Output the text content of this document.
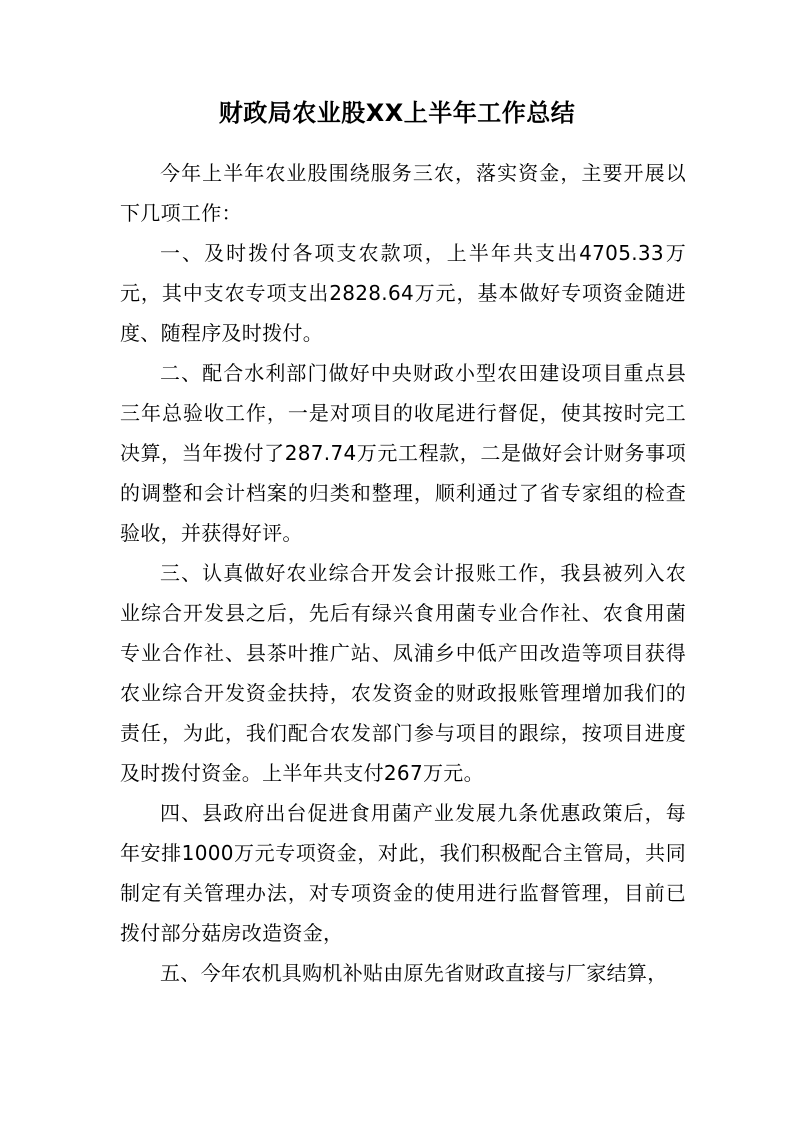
财政局农业股XX上半年工作总结

今年上半年农业股围绕服务三农，落实资金，主要开展以下几项工作：

一、及时拨付各项支农款项，上半年共支出4705.33万元，其中支农专项支出2828.64万元，基本做好专项资金随进度、随程序及时拨付。

二、配合水利部门做好中央财政小型农田建设项目重点县三年总验收工作，一是对项目的收尾进行督促，使其按时完工决算，当年拨付了287.74万元工程款，二是做好会计财务事项的调整和会计档案的归类和整理，顺利通过了省专家组的检查验收，并获得好评。

三、认真做好农业综合开发会计报账工作，我县被列入农业综合开发县之后，先后有绿兴食用菌专业合作社、农食用菌专业合作社、县茶叶推广站、凤浦乡中低产田改造等项目获得农业综合开发资金扶持，农发资金的财政报账管理增加我们的责任，为此，我们配合农发部门参与项目的跟综，按项目进度及时拨付资金。上半年共支付267万元。

四、县政府出台促进食用菌产业发展九条优惠政策后，每年安排1000万元专项资金，对此，我们积极配合主管局，共同制定有关管理办法，对专项资金的使用进行监督管理，目前已拨付部分菇房改造资金，

五、今年农机具购机补贴由原先省财政直接与厂家结算，
